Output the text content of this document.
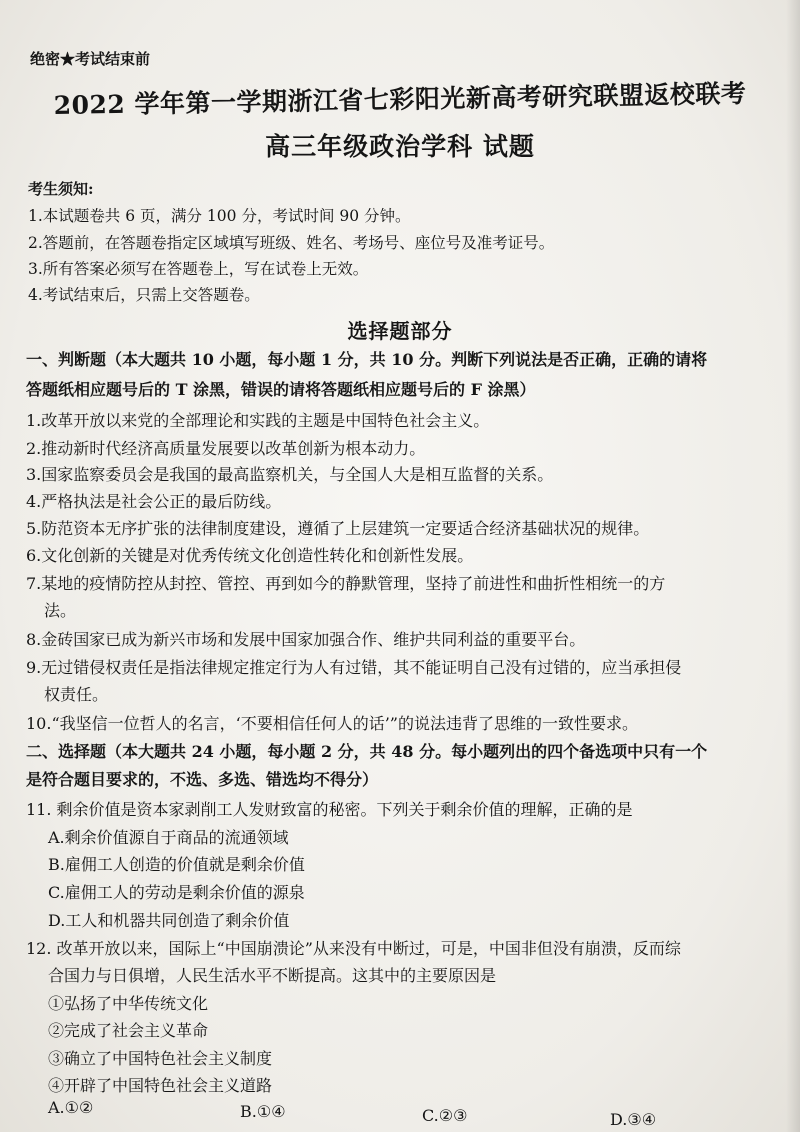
绝密★考试结束前
2022 学年第一学期浙江省七彩阳光新高考研究联盟返校联考
高三年级政治学科 试题
考生须知:
1.本试题卷共 6 页，满分 100 分，考试时间 90 分钟。
2.答题前，在答题卷指定区域填写班级、姓名、考场号、座位号及准考证号。
3.所有答案必须写在答题卷上，写在试卷上无效。
4.考试结束后，只需上交答题卷。
选择题部分
一、判断题（本大题共 10 小题，每小题 1 分，共 10 分。判断下列说法是否正确，正确的请将
答题纸相应题号后的 T 涂黑，错误的请将答题纸相应题号后的 F 涂黑）
1.改革开放以来党的全部理论和实践的主题是中国特色社会主义。
2.推动新时代经济高质量发展要以改革创新为根本动力。
3.国家监察委员会是我国的最高监察机关，与全国人大是相互监督的关系。
4.严格执法是社会公正的最后防线。
5.防范资本无序扩张的法律制度建设，遵循了上层建筑一定要适合经济基础状况的规律。
6.文化创新的关键是对优秀传统文化创造性转化和创新性发展。
7.某地的疫情防控从封控、管控、再到如今的静默管理，坚持了前进性和曲折性相统一的方
法。
8.金砖国家已成为新兴市场和发展中国家加强合作、维护共同利益的重要平台。
9.无过错侵权责任是指法律规定推定行为人有过错，其不能证明自己没有过错的，应当承担侵
权责任。
10.“我坚信一位哲人的名言，‘不要相信任何人的话’”的说法违背了思维的一致性要求。
二、选择题（本大题共 24 小题，每小题 2 分，共 48 分。每小题列出的四个备选项中只有一个
是符合题目要求的，不选、多选、错选均不得分）
11. 剩余价值是资本家剥削工人发财致富的秘密。下列关于剩余价值的理解，正确的是
A.剩余价值源自于商品的流通领域
B.雇佣工人创造的价值就是剩余价值
C.雇佣工人的劳动是剩余价值的源泉
D.工人和机器共同创造了剩余价值
12. 改革开放以来，国际上“中国崩溃论”从来没有中断过，可是，中国非但没有崩溃，反而综
合国力与日俱增，人民生活水平不断提高。这其中的主要原因是
①弘扬了中华传统文化
②完成了社会主义革命
③确立了中国特色社会主义制度
④开辟了中国特色社会主义道路
A.①②	B.①④	C.②③	D.③④
